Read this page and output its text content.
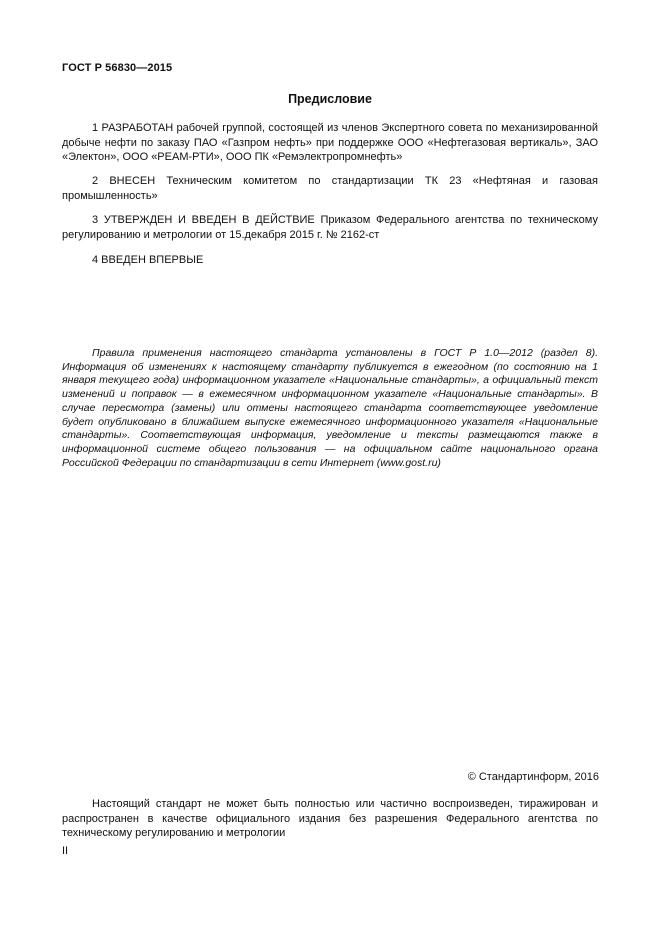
ГОСТ Р 56830—2015
Предисловие

1 РАЗРАБОТАН рабочей группой, состоящей из членов Экспертного совета по механизированной добыче нефти по заказу ПАО «Газпром нефть» при поддержке ООО «Нефтегазовая вертикаль», ЗАО «Электон», ООО «РЕАМ-РТИ», ООО ПК «Ремэлектропромнефть»

2 ВНЕСЕН Техническим комитетом по стандартизации ТК 23 «Нефтяная и газовая промышленность»

3 УТВЕРЖДЕН И ВВЕДЕН В ДЕЙСТВИЕ Приказом Федерального агентства по техническому регулированию и метрологии от 15.декабря 2015 г. № 2162-ст

4 ВВЕДЕН ВПЕРВЫЕ

Правила применения настоящего стандарта установлены в ГОСТ Р 1.0—2012 (раздел 8). Информация об изменениях к настоящему стандарту публикуется в ежегодном (по состоянию на 1 января текущего года) информационном указателе «Национальные стандарты», а официальный текст изменений и поправок — в ежемесячном информационном указателе «Национальные стандарты». В случае пересмотра (замены) или отмены настоящего стандарта соответствующее уведомление будет опубликовано в ближайшем выпуске ежемесячного информационного указателя «Национальные стандарты». Соответствующая информация, уведомление и тексты размещаются также в информационной системе общего пользования — на официальном сайте национального органа Российской Федерации по стандартизации в сети Интернет (www.gost.ru)

© Стандартинформ, 2016

Настоящий стандарт не может быть полностью или частично воспроизведен, тиражирован и распространен в качестве официального издания без разрешения Федерального агентства по техническому регулированию и метрологии

II
